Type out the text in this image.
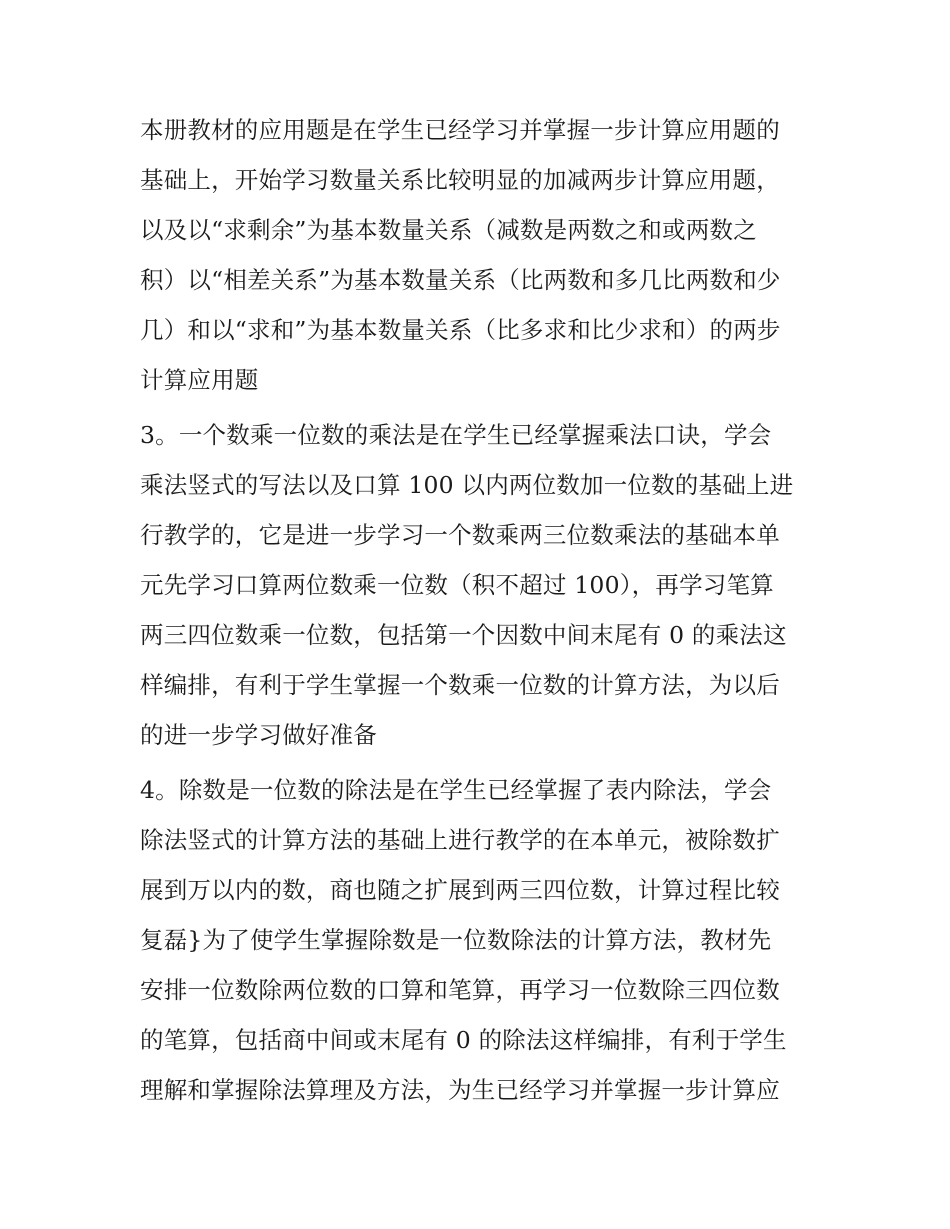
本册教材的应用题是在学生已经学习并掌握一步计算应用题的
基础上，开始学习数量关系比较明显的加减两步计算应用题，
以及以“求剩余”为基本数量关系（减数是两数之和或两数之
积）以“相差关系”为基本数量关系（比两数和多几比两数和少
几）和以“求和”为基本数量关系（比多求和比少求和）的两步
计算应用题
3。一个数乘一位数的乘法是在学生已经掌握乘法口诀，学会
乘法竖式的写法以及口算 100 以内两位数加一位数的基础上进
行教学的，它是进一步学习一个数乘两三位数乘法的基础本单
元先学习口算两位数乘一位数（积不超过 100），再学习笔算
两三四位数乘一位数，包括第一个因数中间末尾有 0 的乘法这
样编排，有利于学生掌握一个数乘一位数的计算方法，为以后
的进一步学习做好准备
4。除数是一位数的除法是在学生已经掌握了表内除法，学会
除法竖式的计算方法的基础上进行教学的在本单元，被除数扩
展到万以内的数，商也随之扩展到两三四位数，计算过程比较
复磊}为了使学生掌握除数是一位数除法的计算方法，教材先
安排一位数除两位数的口算和笔算，再学习一位数除三四位数
的笔算，包括商中间或末尾有 0 的除法这样编排，有利于学生
理解和掌握除法算理及方法，为生已经学习并掌握一步计算应
